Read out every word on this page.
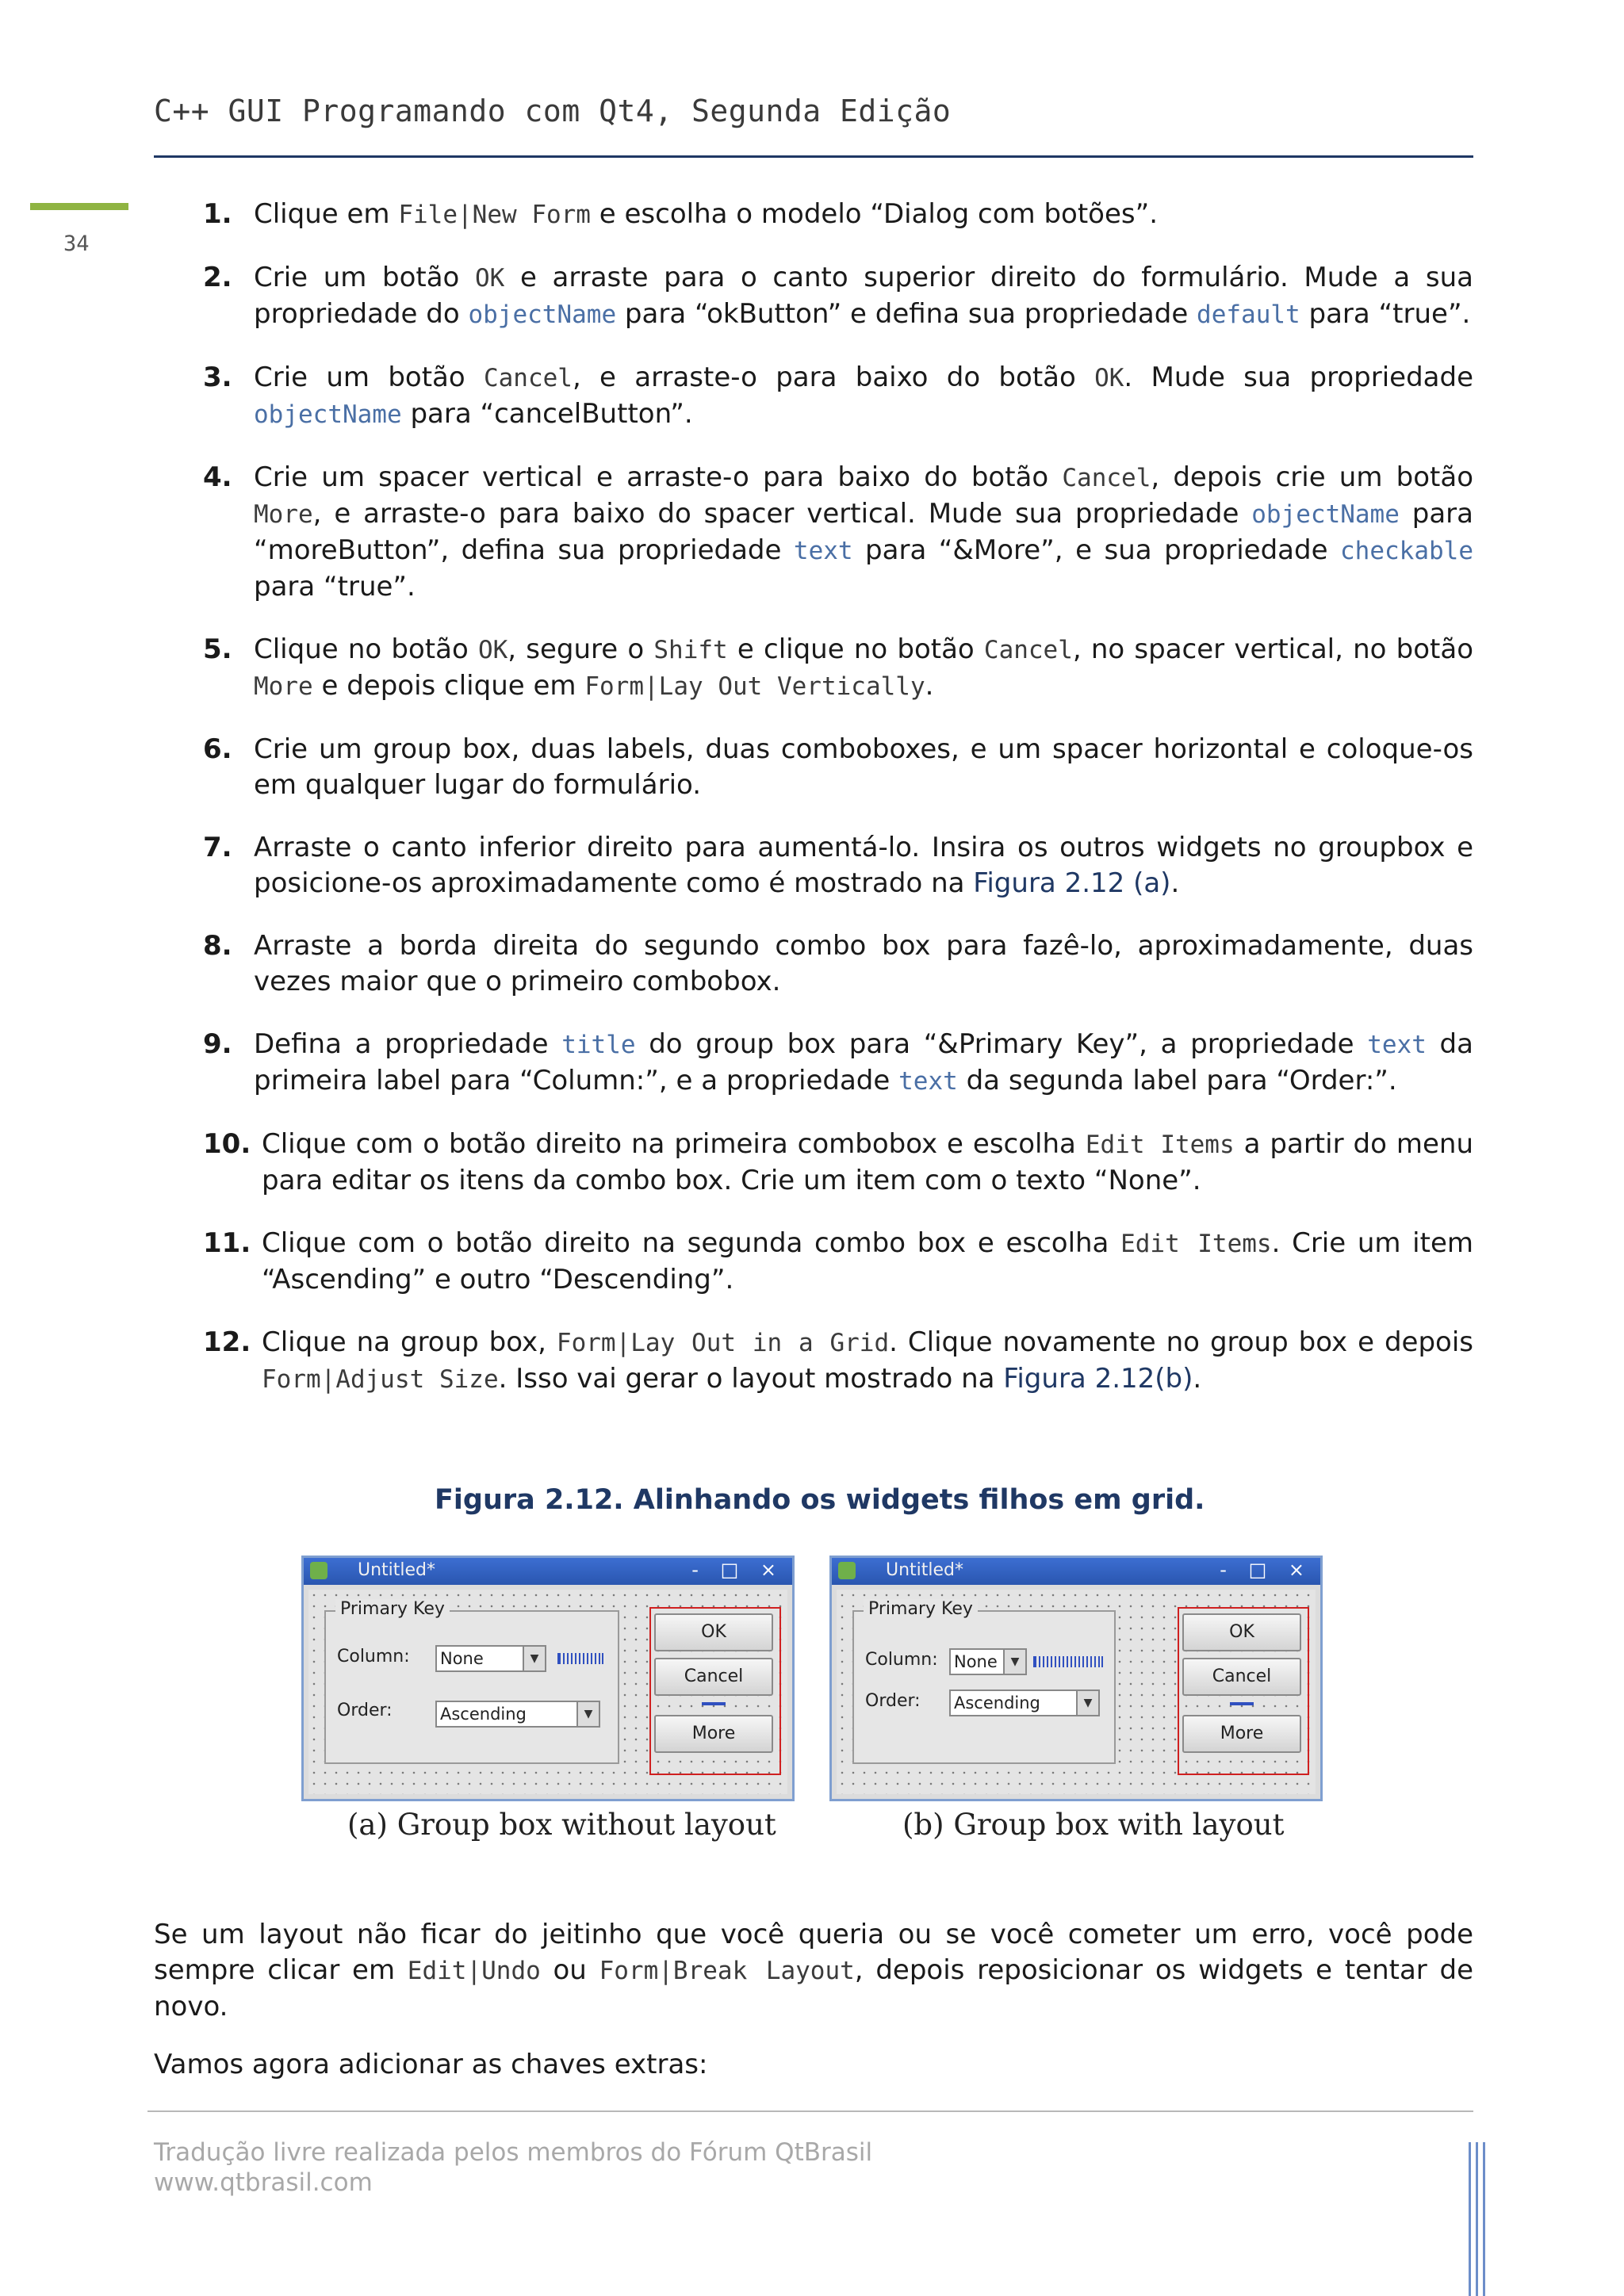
C++ GUI Programando com Qt4, Segunda Edição
34
1. Clique em File|New Form e escolha o modelo “Dialog com botões”.
2. Crie um botão OK e arraste para o canto superior direito do formulário. Mude a sua propriedade do objectName para “okButton” e defina sua propriedade default para “true”.
3. Crie um botão Cancel, e arraste-o para baixo do botão OK. Mude sua propriedade objectName para “cancelButton”.
4. Crie um spacer vertical e arraste-o para baixo do botão Cancel, depois crie um botão More, e arraste-o para baixo do spacer vertical. Mude sua propriedade objectName para “moreButton”, defina sua propriedade text para “&More”, e sua propriedade checkable para “true”.
5. Clique no botão OK, segure o Shift e clique no botão Cancel, no spacer vertical, no botão More e depois clique em Form|Lay Out Vertically.
6. Crie um group box, duas labels, duas comboboxes, e um spacer horizontal e coloque-os em qualquer lugar do formulário.
7. Arraste o canto inferior direito para aumentá-lo. Insira os outros widgets no groupbox e posicione-os aproximadamente como é mostrado na Figura 2.12 (a).
8. Arraste a borda direita do segundo combo box para fazê-lo, aproximadamente, duas vezes maior que o primeiro combobox.
9. Defina a propriedade title do group box para “&Primary Key”, a propriedade text da primeira label para “Column:”, e a propriedade text da segunda label para “Order:”.
10. Clique com o botão direito na primeira combobox e escolha Edit Items a partir do menu para editar os itens da combo box. Crie um item com o texto “None”.
11. Clique com o botão direito na segunda combo box e escolha Edit Items. Crie um item “Ascending” e outro “Descending”.
12. Clique na group box, Form|Lay Out in a Grid. Clique novamente no group box e depois Form|Adjust Size. Isso vai gerar o layout mostrado na Figura 2.12(b).
Figura 2.12. Alinhando os widgets filhos em grid.
Untitled*	- □ ×
Primary Key
Column: None	▼
Order:	Ascending	▼
OK
Cancel
More
Untitled*	- □ ×
Primary Key
Column: None	▼
Order: Ascending	▼
OK
Cancel
More
(a) Group box without layout	(b) Group box with layout

Se um layout não ficar do jeitinho que você queria ou se você cometer um erro, você pode sempre clicar em Edit|Undo ou Form|Break Layout, depois reposicionar os widgets e tentar de novo.

Vamos agora adicionar as chaves extras:

Tradução livre realizada pelos membros do Fórum QtBrasil
www.qtbrasil.com
